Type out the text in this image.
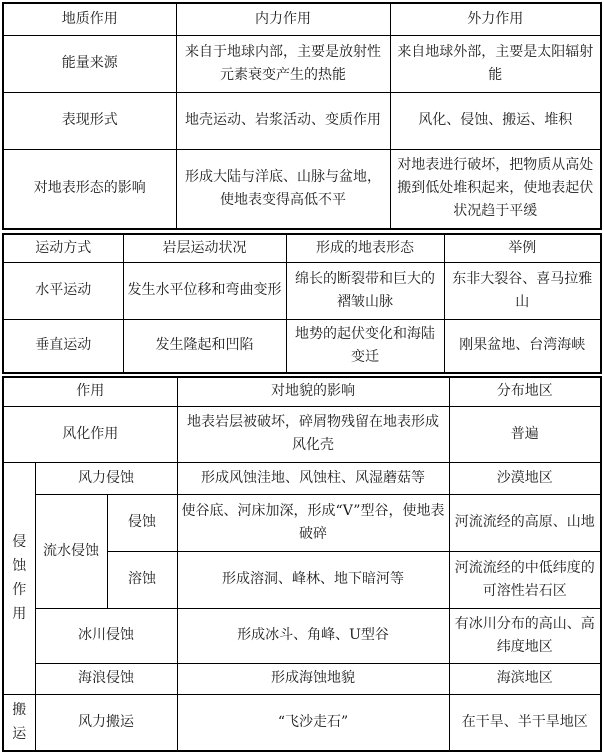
地质作用	内力作用	外力作用
能量来源	来自于地球内部，主要是放射性元素衰变产生的热能	来自地球外部，主要是太阳辐射能
表现形式	地壳运动、岩浆活动、变质作用	风化、侵蚀、搬运、堆积
对地表形态的影响	形成大陆与洋底、山脉与盆地，使地表变得高低不平	对地表进行破坏，把物质从高处搬到低处堆积起来，使地表起伏状况趋于平缓
运动方式	岩层运动状况	形成的地表形态	举例
水平运动	发生水平位移和弯曲变形	绵长的断裂带和巨大的褶皱山脉	东非大裂谷、喜马拉雅山
垂直运动	发生隆起和凹陷	地势的起伏变化和海陆变迁	刚果盆地、台湾海峡
作用			对地貌的影响	分布地区
风化作用			地表岩层被破坏，碎屑物残留在地表形成风化壳	普遍
侵蚀作用	风力侵蚀		形成风蚀洼地、风蚀柱、风湿蘑菇等	沙漠地区
	流水侵蚀	侵蚀	使谷底、河床加深，形成“V”型谷，使地表破碎	河流流经的高原、山地
		溶蚀	形成溶洞、峰林、地下暗河等	河流流经的中低纬度的可溶性岩石区
	冰川侵蚀		形成冰斗、角峰、U型谷	有冰川分布的高山、高纬度地区
	海浪侵蚀		形成海蚀地貌	海滨地区
搬运	风力搬运		“飞沙走石”	在干旱、半干旱地区
